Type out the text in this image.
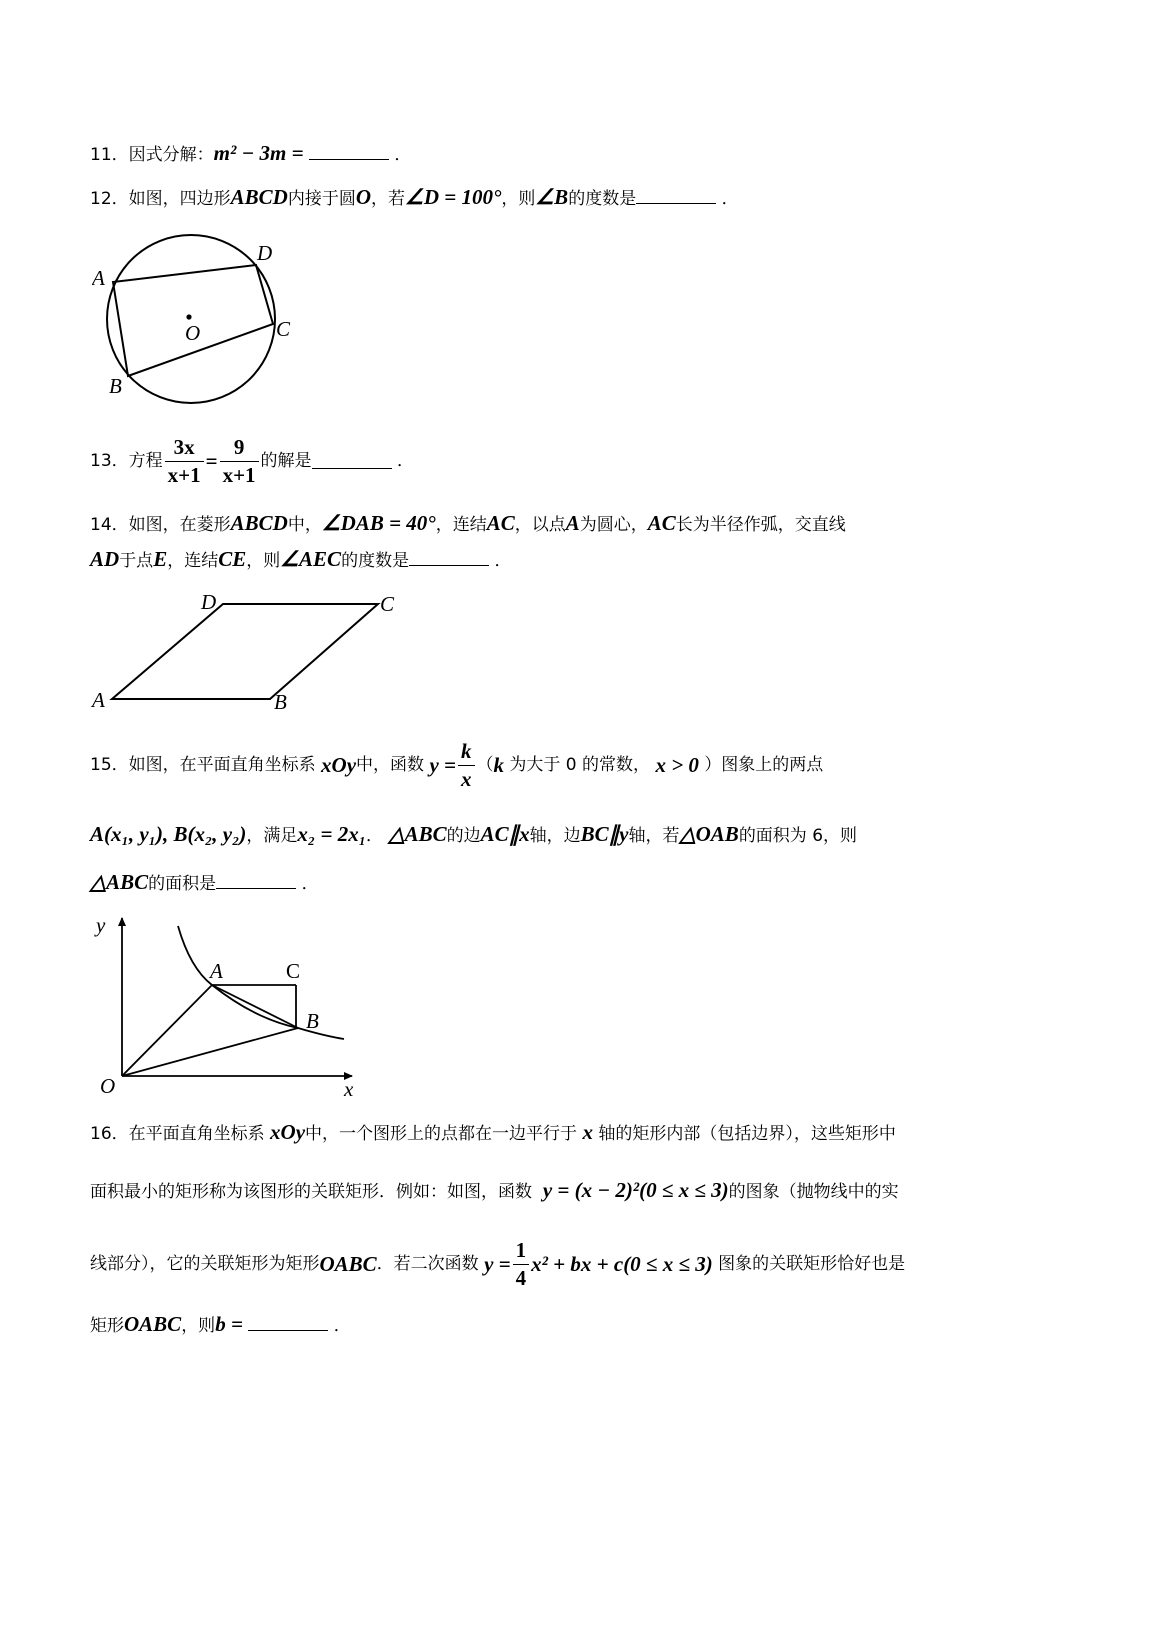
11．因式分解：m² − 3m =	．
12．如图，四边形ABCD内接于圆O，若∠D = 100°，则∠B的度数是	．
A
D
C
B
O
13． 方程 $\frac{3x}{x+1} = \frac{9}{x+1}$ 的解是
	．
14．如图，在菱形ABCD中，∠DAB = 40°，连结AC，以点A为圆心，AC长为半径作弧，交直线
AD于点E，连结CE，则∠AEC的度数是	．
D	C
A	B
15． 如图，在平面直角坐标系
xOy 中，函数
$y = \frac{k}{x}$ （ k
为大于 0 的常数，
x > 0
）图象上的两点
A(x₁, y₁), B(x₂, y₂)，满足x₂ = 2x₁． △ABC的边AC∥x轴，边BC∥y轴，若△OAB的面积为 6，则
△ABC的面积是	．
y
x
O
A	C
B
16．在平面直角坐标系 xOy中，一个图形上的点都在一边平行于 x 轴的矩形内部（包括边界），这些矩形中
面积最小的矩形称为该图形的关联矩形．例如：如图，函数 y = (x − 2)²(0 ≤ x ≤ 3)的图象（抛物线中的实
线部分），它的关联矩形为矩形 OABC ．若二次函数
$y = \frac{1}{4} x^2$ + bx + c(0 ≤ x ≤ 3)
图象的关联矩形恰好也是
矩形OABC，则b =	．
